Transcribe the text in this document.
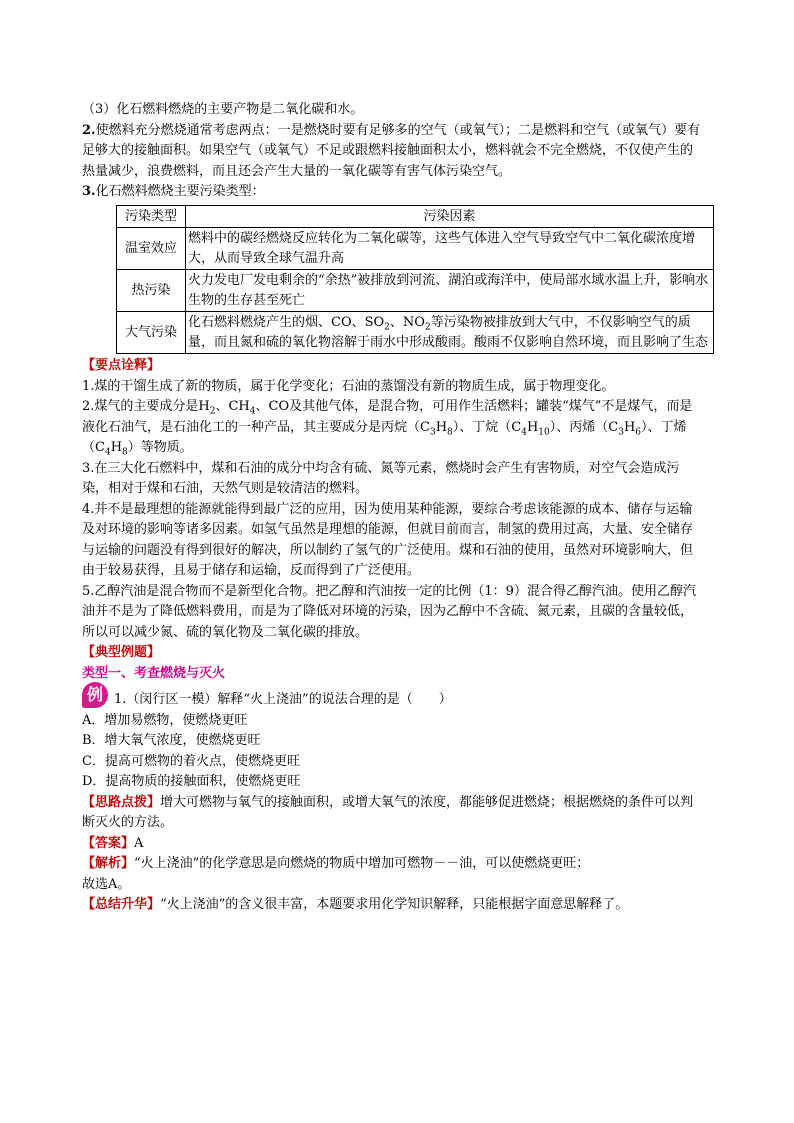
（3）化石燃料燃烧的主要产物是二氧化碳和水。

2.使燃料充分燃烧通常考虑两点：一是燃烧时要有足够多的空气（或氧气）；二是燃料和空气（或氧气）要有足够大的接触面积。如果空气（或氧气）不足或跟燃料接触面积太小，燃料就会不完全燃烧，不仅使产生的热量减少，浪费燃料，而且还会产生大量的一氧化碳等有害气体污染空气。

3.化石燃料燃烧主要污染类型：

污染类型	污染因素
温室效应	燃料中的碳经燃烧反应转化为二氧化碳等，这些气体进入空气导致空气中二氧化碳浓度增大，从而导致全球气温升高
热污染	火力发电厂发电剩余的“余热”被排放到河流、湖泊或海洋中，使局部水域水温上升，影响水生物的生存甚至死亡
大气污染	化石燃料燃烧产生的烟、CO、$SO_2$、$NO_2$等污染物被排放到大气中，不仅影响空气的质量，而且氮和硫的氧化物溶解于雨水中形成酸雨。酸雨不仅影响自然环境，而且影响了生态

【要点诠释】

1.煤的干馏生成了新的物质，属于化学变化；石油的蒸馏没有新的物质生成，属于物理变化。

2.煤气的主要成分是$H_2$、$CH_4$、CO及其他气体，是混合物，可用作生活燃料；罐装“煤气”不是煤气，而是液化石油气，是石油化工的一种产品，其主要成分是丙烷$(C_3H_8)$、丁烷$(C_4H_{10})$、丙烯$(C_3H_6)$、丁烯$(C_4H_8)$等物质。

3.在三大化石燃料中，煤和石油的成分中均含有硫、氮等元素，燃烧时会产生有害物质，对空气会造成污染，相对于煤和石油，天然气则是较清洁的燃料。

4.并不是最理想的能源就能得到最广泛的应用，因为使用某种能源，要综合考虑该能源的成本、储存与运输及对环境的影响等诸多因素。如氢气虽然是理想的能源，但就目前而言，制氢的费用过高，大量、安全储存与运输的问题没有得到很好的解决，所以制约了氢气的广泛使用。煤和石油的使用，虽然对环境影响大，但由于较易获得，且易于储存和运输，反而得到了广泛使用。

5.乙醇汽油是混合物而不是新型化合物。把乙醇和汽油按一定的比例（1：9）混合得乙醇汽油。使用乙醇汽油并不是为了降低燃料费用，而是为了降低对环境的污染，因为乙醇中不含硫、氮元素，且碳的含量较低，所以可以减少氮、硫的氧化物及二氧化碳的排放。

【典型例题】

类型一、考查燃烧与灭火

例 1.（闵行区一模）解释“火上浇油”的说法合理的是（　　）

A．增加易燃物，使燃烧更旺

B．增大氧气浓度，使燃烧更旺

C．提高可燃物的着火点，使燃烧更旺

D．提高物质的接触面积，使燃烧更旺

【思路点拨】增大可燃物与氧气的接触面积，或增大氧气的浓度，都能够促进燃烧；根据燃烧的条件可以判断灭火的方法。

【答案】A

【解析】“火上浇油”的化学意思是向燃烧的物质中增加可燃物－－油，可以使燃烧更旺；

故选A。

【总结升华】“火上浇油”的含义很丰富，本题要求用化学知识解释，只能根据字面意思解释了。
